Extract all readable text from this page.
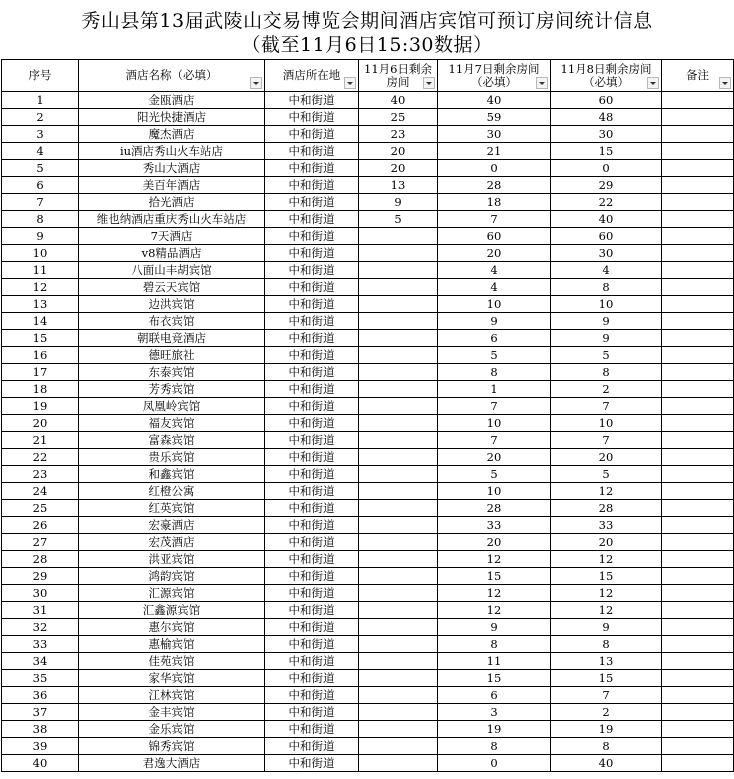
秀山县第13届武陵山交易博览会期间酒店宾馆可预订房间统计信息
（截至11月6日15:30数据）
序号	酒店名称（必填）	酒店所在地	11月6日剩余房间	11月7日剩余房间（必填）	11月8日剩余房间（必填）	备注

1	金瓯酒店	中和街道	40	40	60	
2	阳光快捷酒店	中和街道	25	59	48	
3	魔杰酒店	中和街道	23	30	30	
4	iu酒店秀山火车站店	中和街道	20	21	15	
5	秀山大酒店	中和街道	20	0	0	
6	美百年酒店	中和街道	13	28	29	
7	拾光酒店	中和街道	9	18	22	
8	维也纳酒店重庆秀山火车站店	中和街道	5	7	40	
9	7天酒店	中和街道		60	60	
10	v8精品酒店	中和街道		20	30	
11	八面山丰胡宾馆	中和街道		4	4	
12	碧云天宾馆	中和街道		4	8	
13	边洪宾馆	中和街道		10	10	
14	布衣宾馆	中和街道		9	9	
15	朝联电竞酒店	中和街道		6	9	
16	德旺旅社	中和街道		5	5	
17	东泰宾馆	中和街道		8	8	
18	芳秀宾馆	中和街道		1	2	
19	凤凰岭宾馆	中和街道		7	7	
20	福友宾馆	中和街道		10	10	
21	富森宾馆	中和街道		7	7	
22	贵乐宾馆	中和街道		20	20	
23	和鑫宾馆	中和街道		5	5	
24	红橙公寓	中和街道		10	12	
25	红英宾馆	中和街道		28	28	
26	宏豪酒店	中和街道		33	33	
27	宏茂酒店	中和街道		20	20	
28	洪亚宾馆	中和街道		12	12	
29	鸿韵宾馆	中和街道		15	15	
30	汇源宾馆	中和街道		12	12	
31	汇鑫源宾馆	中和街道		12	12	
32	惠尔宾馆	中和街道		9	9	
33	惠榆宾馆	中和街道		8	8	
34	佳苑宾馆	中和街道		11	13	
35	家华宾馆	中和街道		15	15	
36	江林宾馆	中和街道		6	7	
37	金丰宾馆	中和街道		3	2	
38	金乐宾馆	中和街道		19	19	
39	锦秀宾馆	中和街道		8	8	
40	君逸大酒店	中和街道		0	40	
